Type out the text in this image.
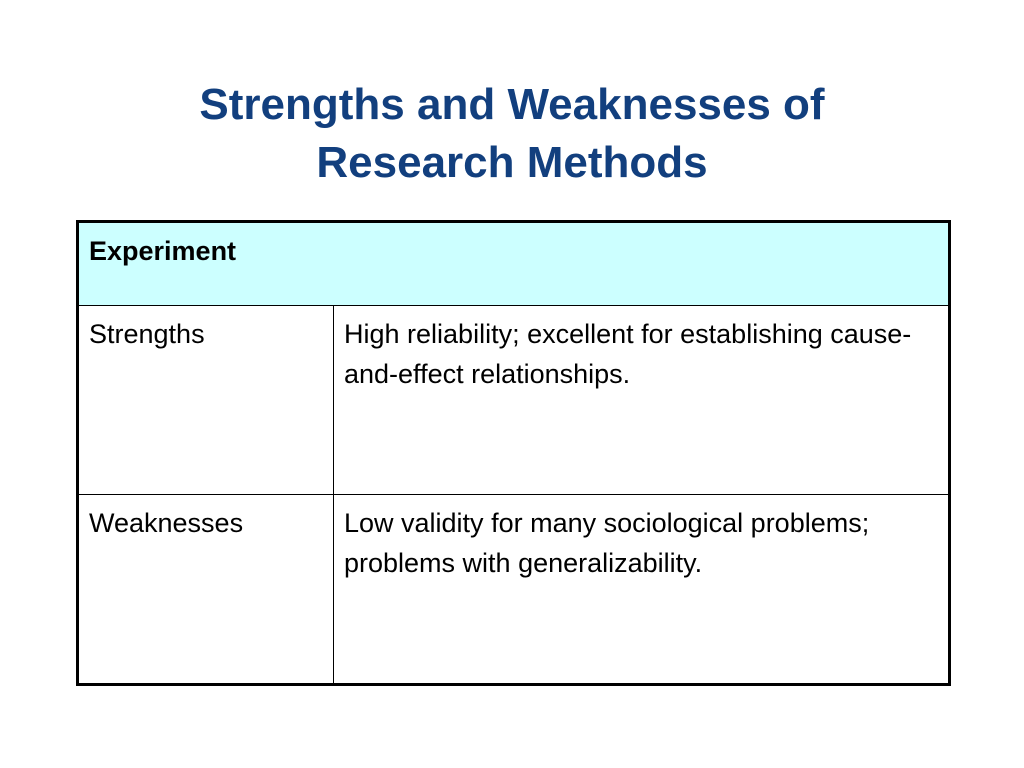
Strengths and Weaknesses of
Research Methods
Experiment	
Strengths	High reliability; excellent for establishing cause-and-effect relationships.
Weaknesses	Low validity for many sociological problems; problems with generalizability.
